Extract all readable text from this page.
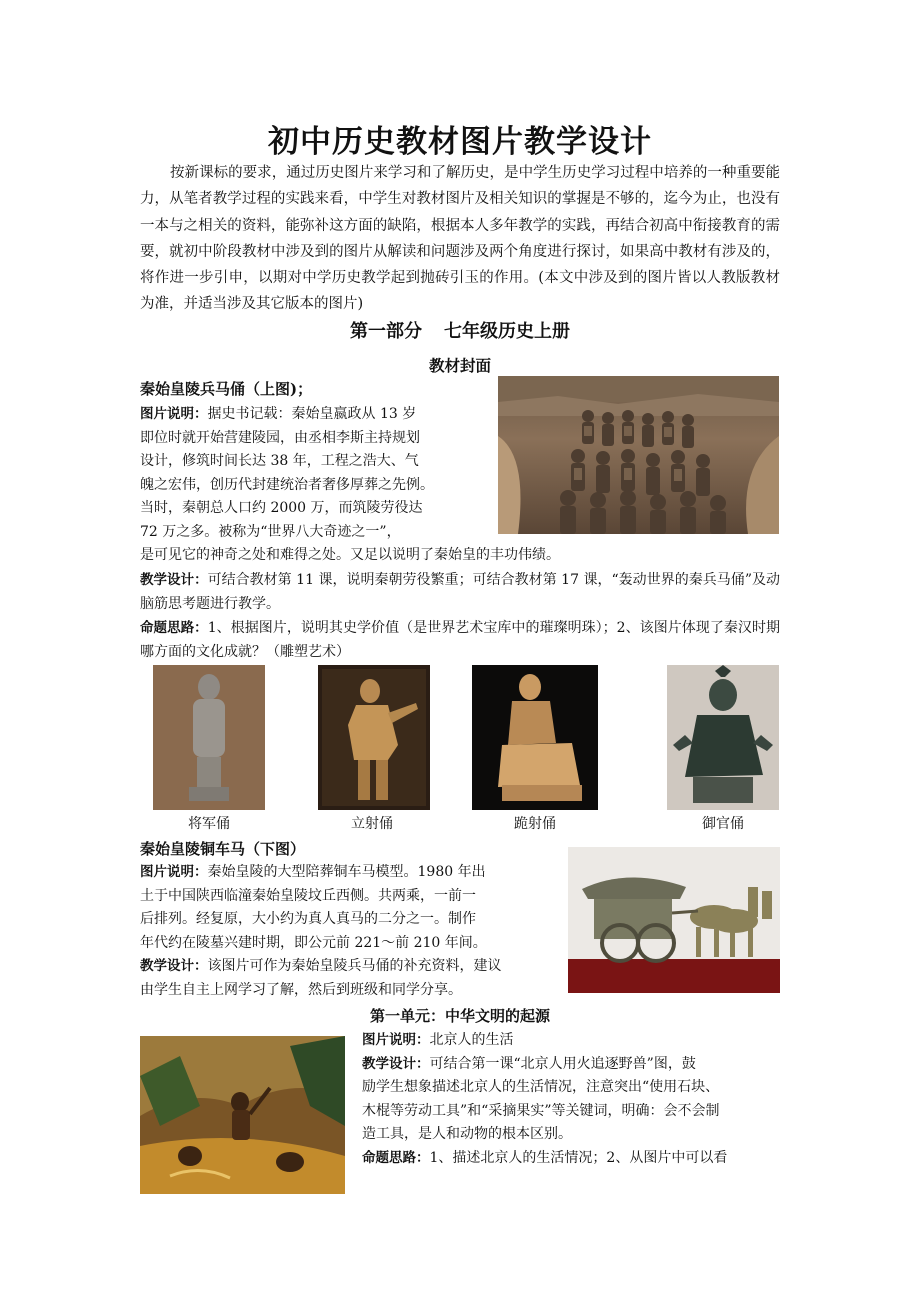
初中历史教材图片教学设计
按新课标的要求，通过历史图片来学习和了解历史，是中学生历史学习过程中培养的一种重要能力，从笔者教学过程的实践来看，中学生对教材图片及相关知识的掌握是不够的，迄今为止，也没有一本与之相关的资料，能弥补这方面的缺陷，根据本人多年教学的实践，再结合初高中衔接教育的需要，就初中阶段教材中涉及到的图片从解读和问题涉及两个角度进行探讨，如果高中教材有涉及的，将作进一步引申，以期对中学历史教学起到抛砖引玉的作用。(本文中涉及到的图片皆以人教版教材为准，并适当涉及其它版本的图片)
第一部分 七年级历史上册
教材封面
秦始皇陵兵马俑（上图)；
图片说明：据史书记载：秦始皇嬴政从 13 岁
即位时就开始营建陵园，由丞相李斯主持规划
设计，修筑时间长达 38 年，工程之浩大、气
魄之宏伟，创历代封建统治者奢侈厚葬之先例。
当时，秦朝总人口约 2000 万，而筑陵劳役达
72 万之多。被称为“世界八大奇迹之一”，
是可见它的神奇之处和难得之处。又足以说明了秦始皇的丰功伟绩。
教学设计：可结合教材第 11 课，说明秦朝劳役繁重；可结合教材第 17 课，“轰动世界的秦兵马俑”及动脑筋思考题进行教学。
命题思路：1、根据图片，说明其史学价值（是世界艺术宝库中的璀璨明珠）；2、该图片体现了秦汉时期哪方面的文化成就？（雕塑艺术）
将军俑	立射俑	跪射俑	御官俑
秦始皇陵铜车马（下图）
图片说明：秦始皇陵的大型陪葬铜车马模型。1980 年出
土于中国陕西临潼秦始皇陵坟丘西侧。共两乘，一前一
后排列。经复原，大小约为真人真马的二分之一。制作
年代约在陵墓兴建时期，即公元前 221～前 210 年间。
教学设计：该图片可作为秦始皇陵兵马俑的补充资料，建议
由学生自主上网学习了解，然后到班级和同学分享。
第一单元：中华文明的起源
图片说明：北京人的生活
教学设计：可结合第一课“北京人用火追逐野兽”图，鼓
励学生想象描述北京人的生活情况，注意突出“使用石块、
木棍等劳动工具”和“采摘果实”等关键词，明确：会不会制
造工具，是人和动物的根本区别。
命题思路：1、描述北京人的生活情况；2、从图片中可以看
